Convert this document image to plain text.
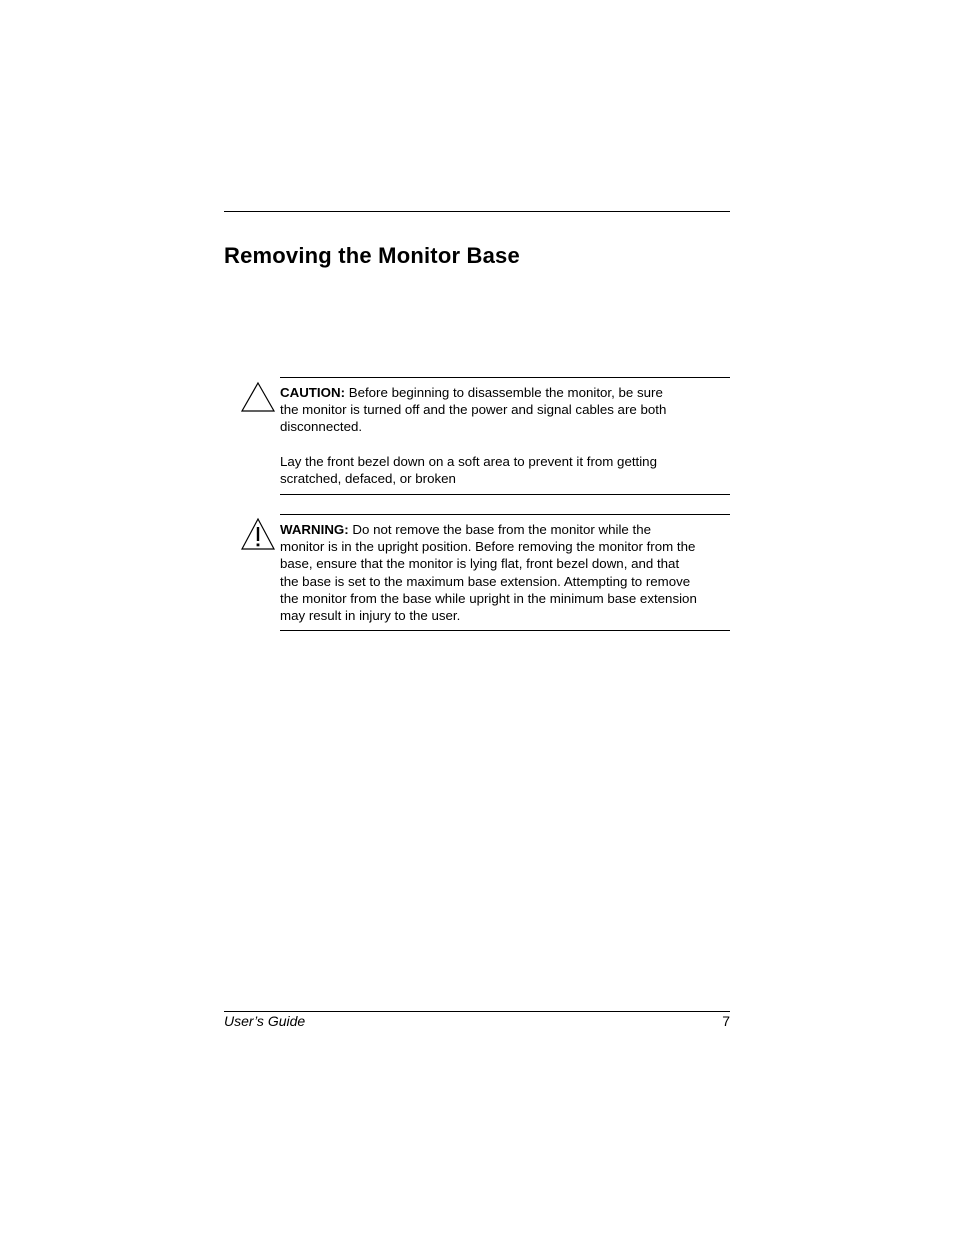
Removing the Monitor Base

CAUTION: Before beginning to disassemble the monitor, be sure the monitor is turned off and the power and signal cables are both disconnected.

Lay the front bezel down on a soft area to prevent it from getting scratched, defaced, or broken

WARNING: Do not remove the base from the monitor while the monitor is in the upright position. Before removing the monitor from the base, ensure that the monitor is lying flat, front bezel down, and that the base is set to the maximum base extension. Attempting to remove the monitor from the base while upright in the minimum base extension may result in injury to the user.

User’s Guide	7
